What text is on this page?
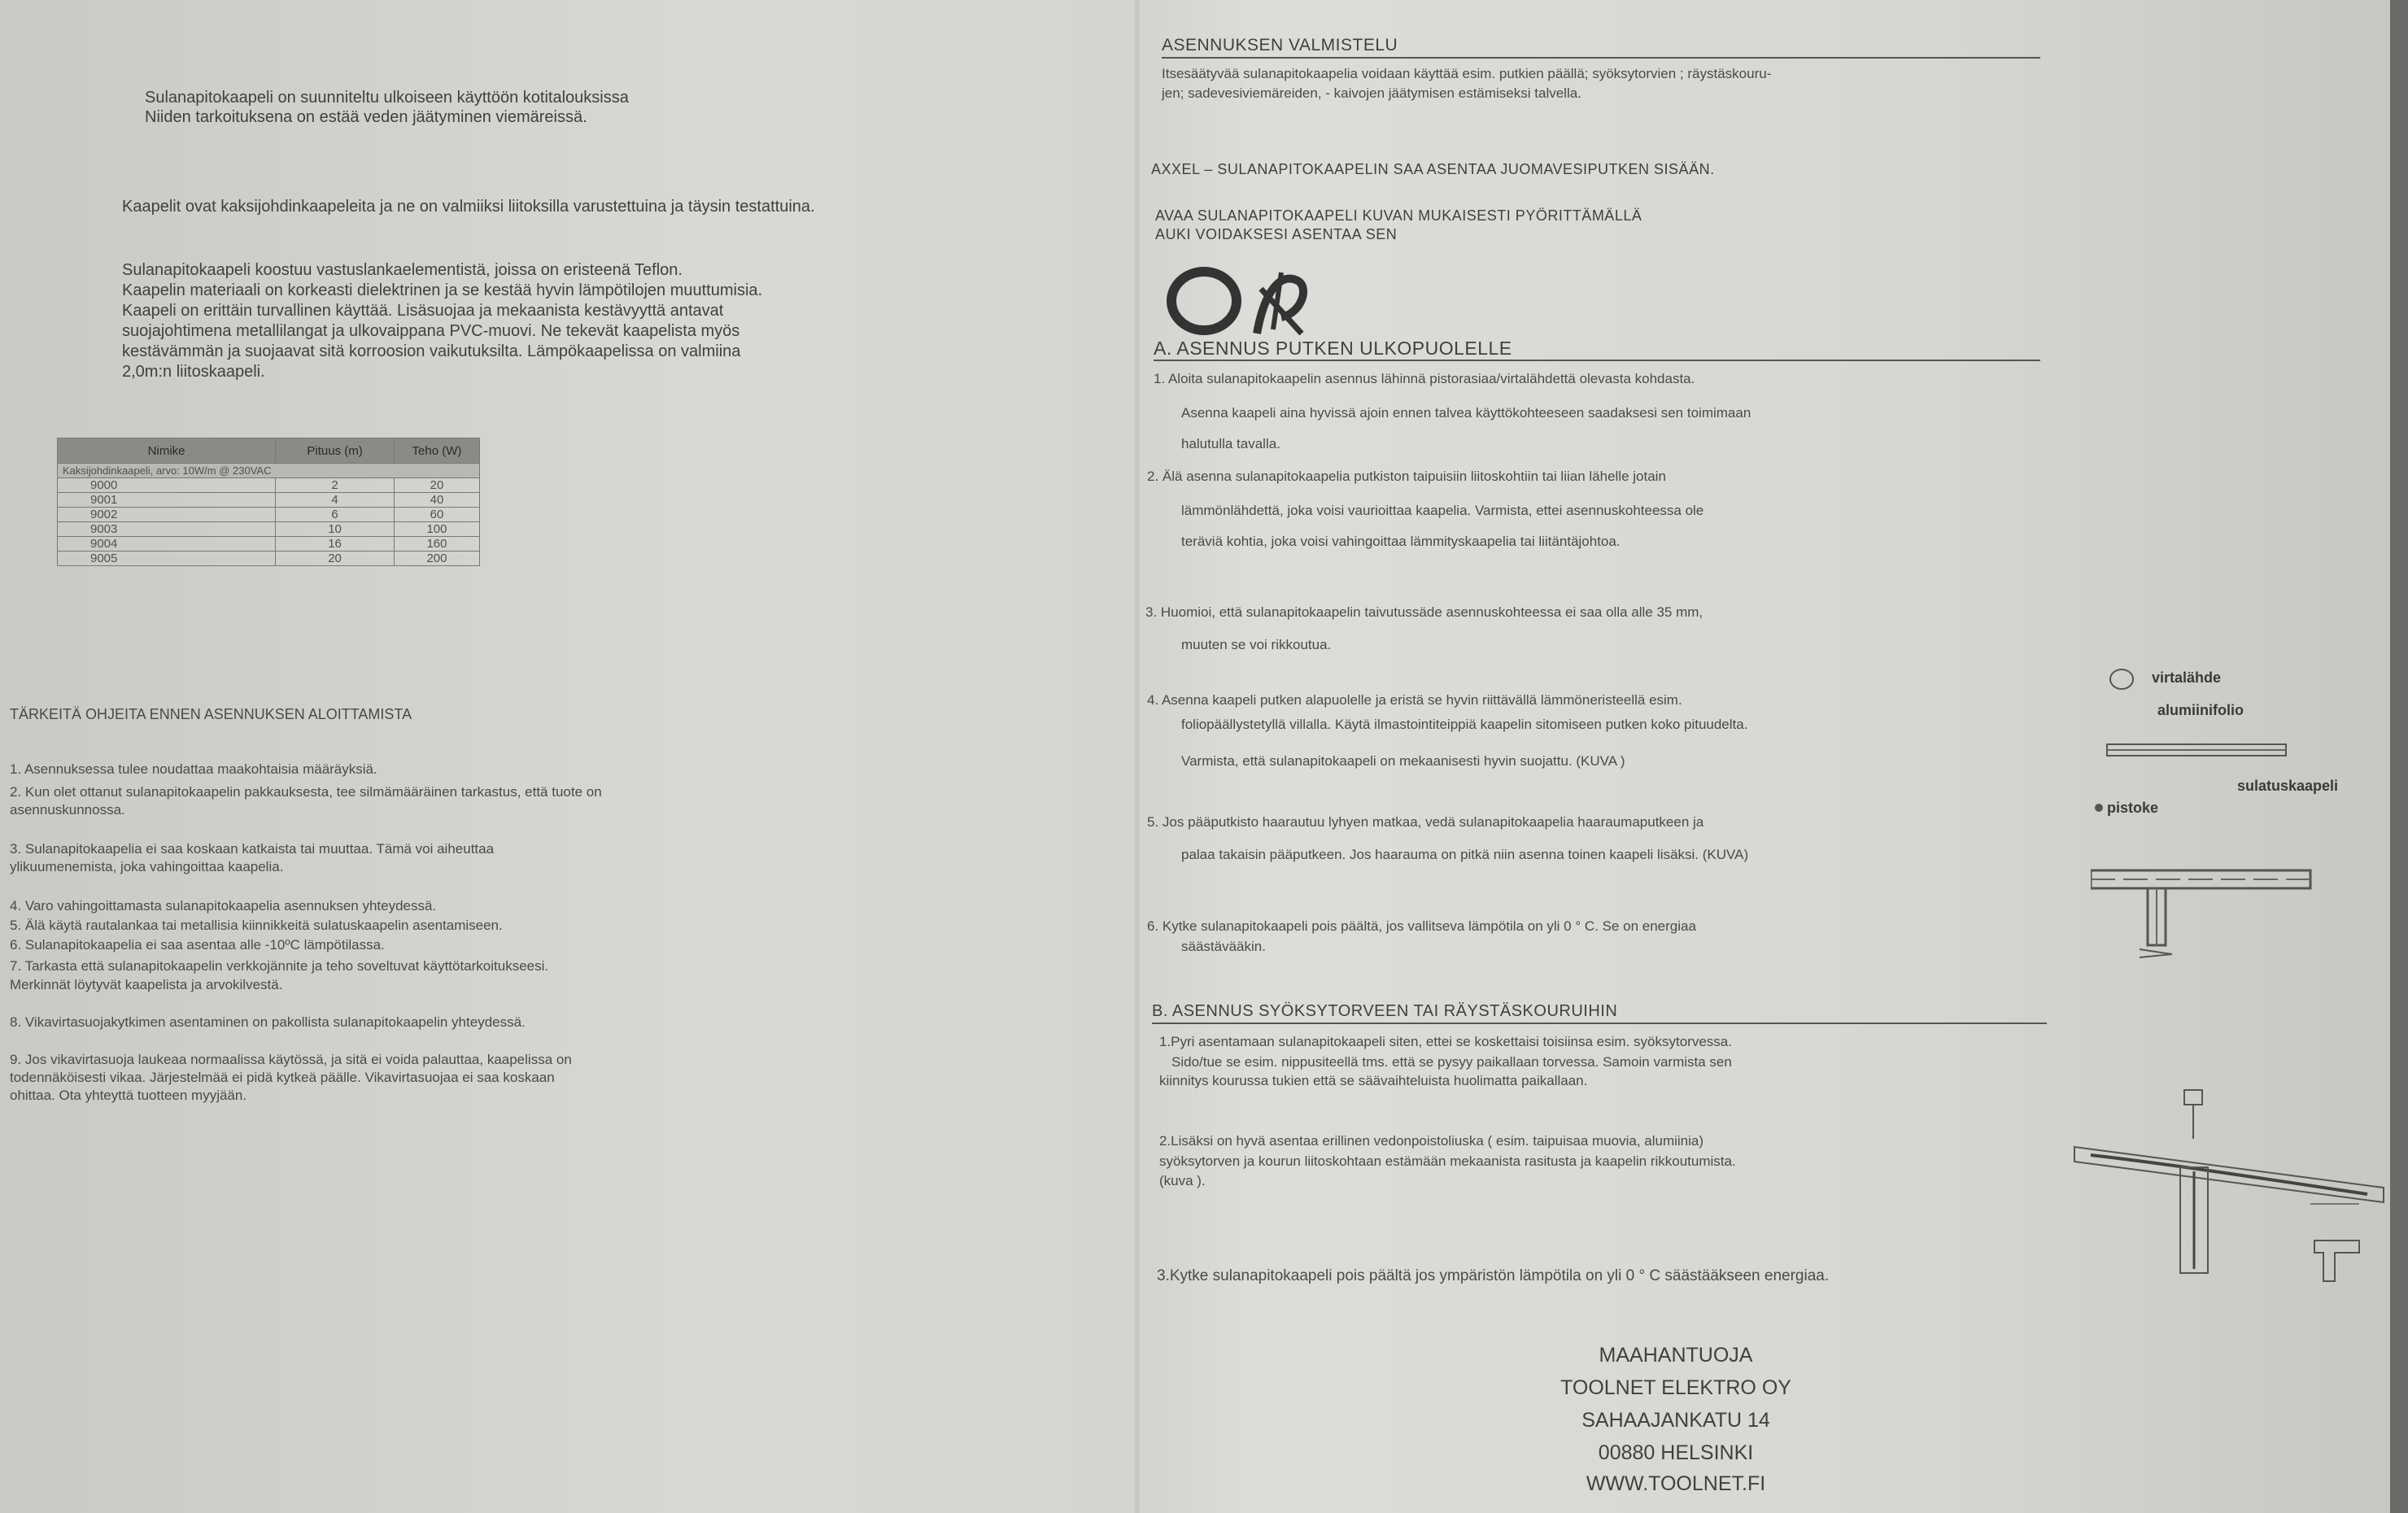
Sulanapitokaapeli on suunniteltu ulkoiseen käyttöön kotitalouksissa
Niiden tarkoituksena on estää veden jäätyminen viemäreissä.
Kaapelit ovat kaksijohdinkaapeleita ja ne on valmiiksi liitoksilla varustettuina ja täysin testattuina.
Sulanapitokaapeli koostuu vastuslankaelementistä, joissa on eristeenä Teflon.
Kaapelin materiaali on korkeasti dielektrinen ja se kestää hyvin lämpötilojen muuttumisia.
Kaapeli on erittäin turvallinen käyttää. Lisäsuojaa ja mekaanista kestävyyttä antavat
suojajohtimena metallilangat ja ulkovaippana PVC-muovi. Ne tekevät kaapelista myös
kestävämmän ja suojaavat sitä korroosion vaikutuksilta. Lämpökaapelissa on valmiina
2,0m:n liitoskaapeli.
Nimike	Pituus (m)	Teho (W)
Kaksijohdinkaapeli, arvo: 10W/m @ 230VAC		
9000	2	20
9001	4	40
9002	6	60
9003	10	100
9004	16	160
9005	20	200
TÄRKEITÄ OHJEITA ENNEN ASENNUKSEN ALOITTAMISTA
1. Asennuksessa tulee noudattaa maakohtaisia määräyksiä.
2. Kun olet ottanut sulanapitokaapelin pakkauksesta, tee silmämääräinen tarkastus, että tuote on
asennuskunnossa.
3. Sulanapitokaapelia ei saa koskaan katkaista tai muuttaa. Tämä voi aiheuttaa
ylikuumenemista, joka vahingoittaa kaapelia.
4. Varo vahingoittamasta sulanapitokaapelia asennuksen yhteydessä.
5. Älä käytä rautalankaa tai metallisia kiinnikkeitä sulatuskaapelin asentamiseen.
6. Sulanapitokaapelia ei saa asentaa alle -10ºC lämpötilassa.
7. Tarkasta että sulanapitokaapelin verkkojännite ja teho soveltuvat käyttötarkoitukseesi.
Merkinnät löytyvät kaapelista ja arvokilvestä.
8. Vikavirtasuojakytkimen asentaminen on pakollista sulanapitokaapelin yhteydessä.
9. Jos vikavirtasuoja laukeaa normaalissa käytössä, ja sitä ei voida palauttaa, kaapelissa on
todennäköisesti vikaa. Järjestelmää ei pidä kytkeä päälle. Vikavirtasuojaa ei saa koskaan
ohittaa. Ota yhteyttä tuotteen myyjään.
ASENNUKSEN VALMISTELU
Itsesäätyvää sulanapitokaapelia voidaan käyttää esim. putkien päällä; syöksytorvien ; räystäskouru-
jen; sadevesiviemäreiden, - kaivojen jäätymisen estämiseksi talvella.
AXXEL – SULANAPITOKAAPELIN SAA ASENTAA JUOMAVESIPUTKEN SISÄÄN.
AVAA SULANAPITOKAAPELI KUVAN MUKAISESTI PYÖRITTÄMÄLLÄ
AUKI VOIDAKSESI ASENTAA SEN
A. ASENNUS PUTKEN ULKOPUOLELLE
1. Aloita sulanapitokaapelin asennus lähinnä pistorasiaa/virtalähdettä olevasta kohdasta.
Asenna kaapeli aina hyvissä ajoin ennen talvea käyttökohteeseen saadaksesi sen toimimaan
halutulla tavalla.
2. Älä asenna sulanapitokaapelia putkiston taipuisiin liitoskohtiin tai liian lähelle jotain
lämmönlähdettä, joka voisi vaurioittaa kaapelia. Varmista, ettei asennuskohteessa ole
teräviä kohtia, joka voisi vahingoittaa lämmityskaapelia tai liitäntäjohtoa.
3. Huomioi, että sulanapitokaapelin taivutussäde asennuskohteessa ei saa olla alle 35 mm,
muuten se voi rikkoutua.
4. Asenna kaapeli putken alapuolelle ja eristä se hyvin riittävällä lämmöneristeellä esim.
foliopäällystetyllä villalla. Käytä ilmastointiteippiä kaapelin sitomiseen putken koko pituudelta.
Varmista, että sulanapitokaapeli on mekaanisesti hyvin suojattu. (KUVA )
5. Jos pääputkisto haarautuu lyhyen matkaa, vedä sulanapitokaapelia haaraumaputkeen ja
palaa takaisin pääputkeen. Jos haarauma on pitkä niin asenna toinen kaapeli lisäksi. (KUVA)
6. Kytke sulanapitokaapeli pois päältä, jos vallitseva lämpötila on yli 0 ° C. Se on energiaa
säästävääkin.
B. ASENNUS SYÖKSYTORVEEN TAI RÄYSTÄSKOURUIHIN
1.Pyri asentamaan sulanapitokaapeli siten, ettei se koskettaisi toisiinsa esim. syöksytorvessa.
Sido/tue se esim. nippusiteellä tms. että se pysyy paikallaan torvessa. Samoin varmista sen
kiinnitys kourussa tukien että se säävaihteluista huolimatta paikallaan.
2.Lisäksi on hyvä asentaa erillinen vedonpoistoliuska ( esim. taipuisaa muovia, alumiinia)
syöksytorven ja kourun liitoskohtaan estämään mekaanista rasitusta ja kaapelin rikkoutumista.
(kuva ).
3.Kytke sulanapitokaapeli pois päältä jos ympäristön lämpötila on yli 0 ° C säästääkseen energiaa.
virtalähde
alumiinifolio
sulatuskaapeli
pistoke
MAAHANTUOJA
TOOLNET ELEKTRO OY
SAHAAJANKATU 14
00880 HELSINKI
WWW.TOOLNET.FI
